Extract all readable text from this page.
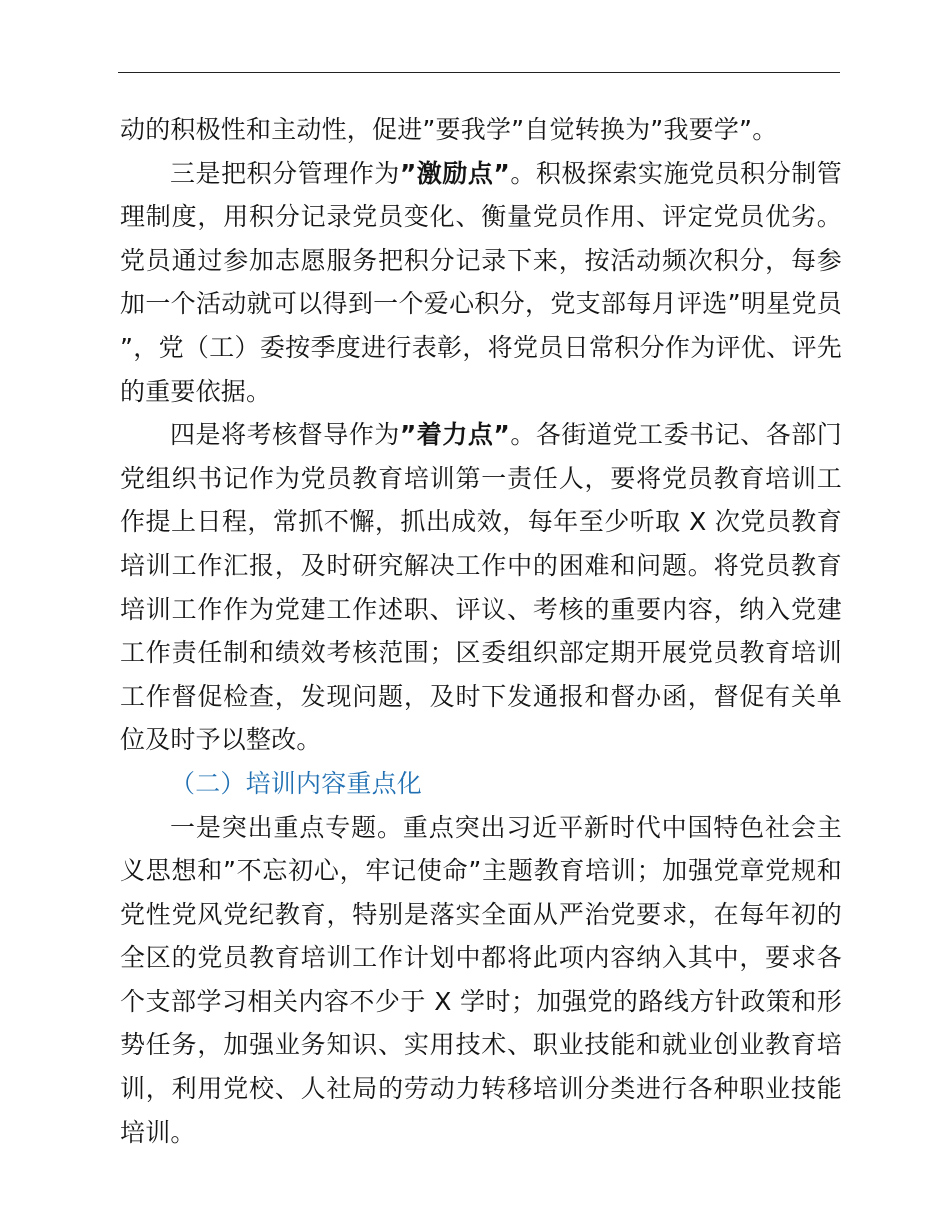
动的积极性和主动性，促进”要我学”自觉转换为”我要学”。

三是把积分管理作为”激励点”。积极探索实施党员积分制管理制度，用积分记录党员变化、衡量党员作用、评定党员优劣。党员通过参加志愿服务把积分记录下来，按活动频次积分，每参加一个活动就可以得到一个爱心积分，党支部每月评选”明星党员”，党（工）委按季度进行表彰，将党员日常积分作为评优、评先的重要依据。

四是将考核督导作为”着力点”。各街道党工委书记、各部门党组织书记作为党员教育培训第一责任人，要将党员教育培训工作提上日程，常抓不懈，抓出成效，每年至少听取 X 次党员教育培训工作汇报，及时研究解决工作中的困难和问题。将党员教育培训工作作为党建工作述职、评议、考核的重要内容，纳入党建工作责任制和绩效考核范围；区委组织部定期开展党员教育培训工作督促检查，发现问题，及时下发通报和督办函，督促有关单位及时予以整改。

（二）培训内容重点化

一是突出重点专题。重点突出习近平新时代中国特色社会主义思想和”不忘初心，牢记使命”主题教育培训；加强党章党规和党性党风党纪教育，特别是落实全面从严治党要求，在每年初的全区的党员教育培训工作计划中都将此项内容纳入其中，要求各个支部学习相关内容不少于 X 学时；加强党的路线方针政策和形势任务，加强业务知识、实用技术、职业技能和就业创业教育培训，利用党校、人社局的劳动力转移培训分类进行各种职业技能培训。
